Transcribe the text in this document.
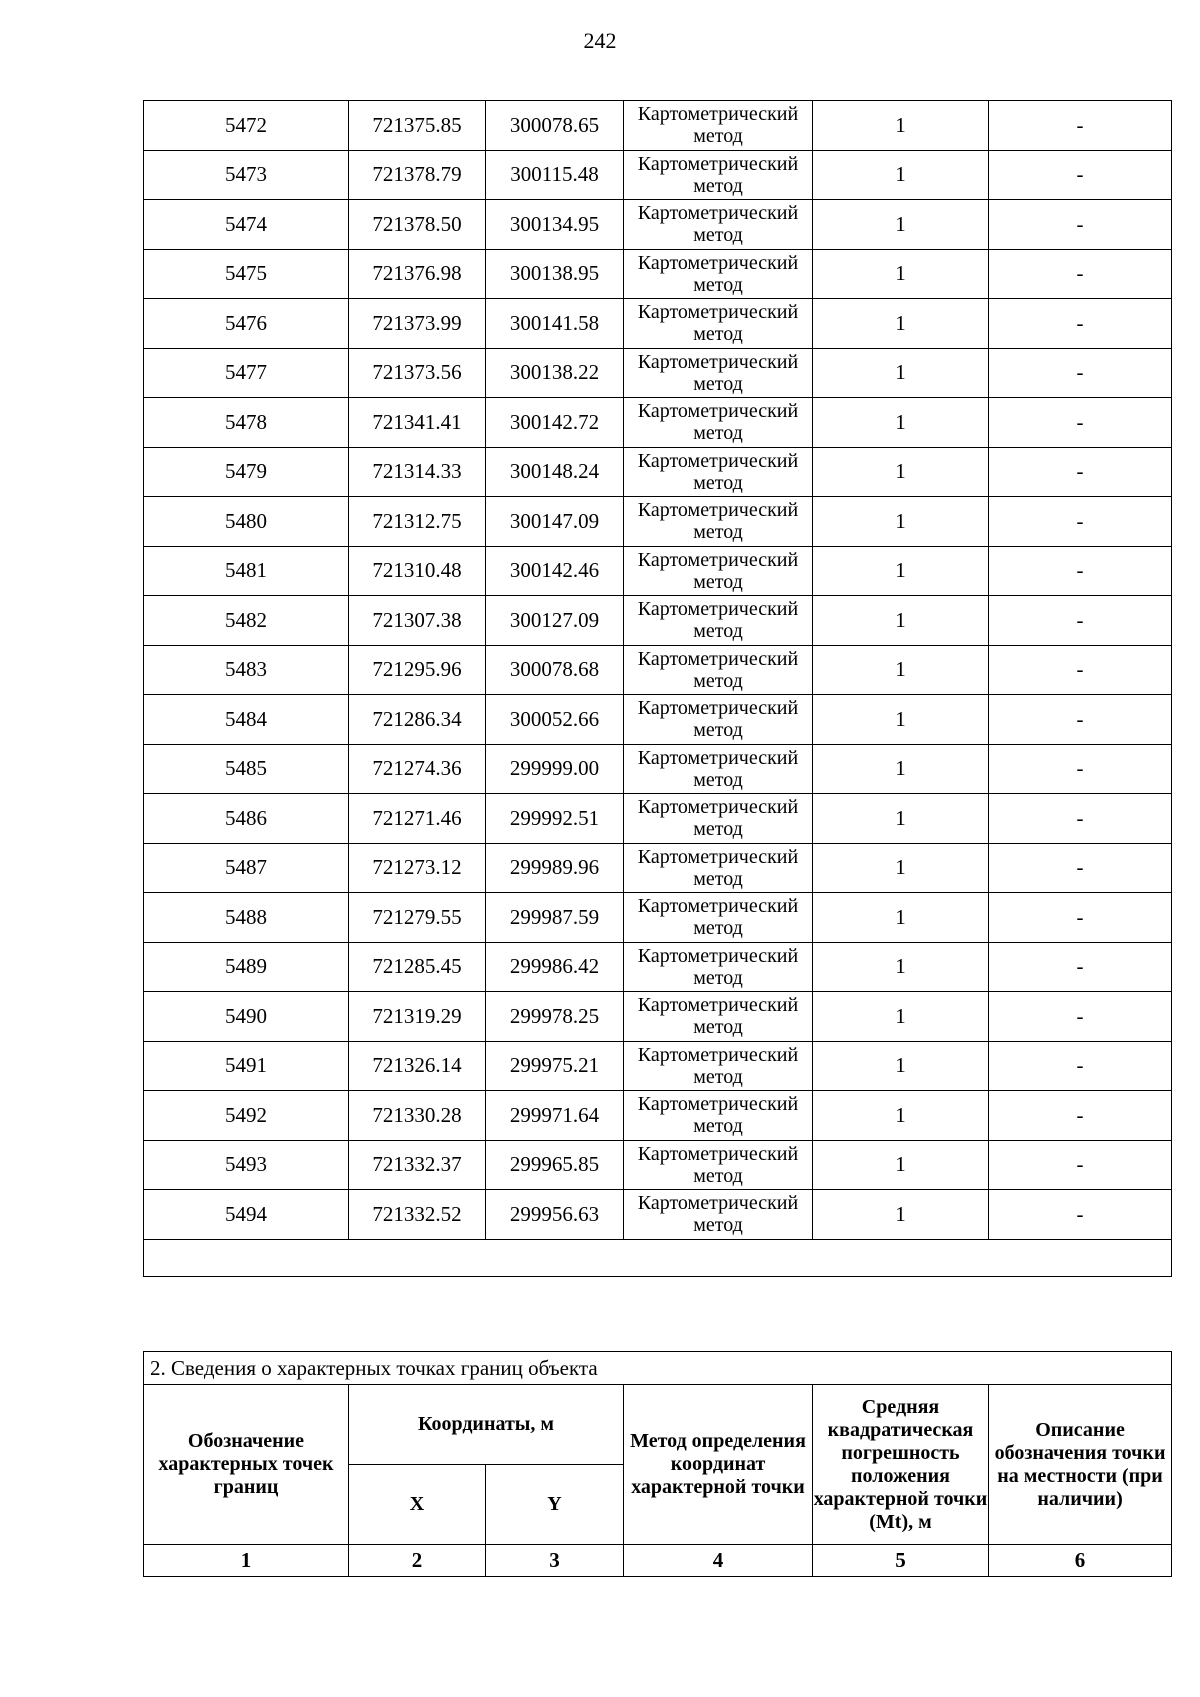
242
5472	721375.85	300078.65	Картометрический метод	1	-
5473	721378.79	300115.48	Картометрический метод	1	-
5474	721378.50	300134.95	Картометрический метод	1	-
5475	721376.98	300138.95	Картометрический метод	1	-
5476	721373.99	300141.58	Картометрический метод	1	-
5477	721373.56	300138.22	Картометрический метод	1	-
5478	721341.41	300142.72	Картометрический метод	1	-
5479	721314.33	300148.24	Картометрический метод	1	-
5480	721312.75	300147.09	Картометрический метод	1	-
5481	721310.48	300142.46	Картометрический метод	1	-
5482	721307.38	300127.09	Картометрический метод	1	-
5483	721295.96	300078.68	Картометрический метод	1	-
5484	721286.34	300052.66	Картометрический метод	1	-
5485	721274.36	299999.00	Картометрический метод	1	-
5486	721271.46	299992.51	Картометрический метод	1	-
5487	721273.12	299989.96	Картометрический метод	1	-
5488	721279.55	299987.59	Картометрический метод	1	-
5489	721285.45	299986.42	Картометрический метод	1	-
5490	721319.29	299978.25	Картометрический метод	1	-
5491	721326.14	299975.21	Картометрический метод	1	-
5492	721330.28	299971.64	Картометрический метод	1	-
5493	721332.37	299965.85	Картометрический метод	1	-
5494	721332.52	299956.63	Картометрический метод	1	-

2. Сведения о характерных точках границ объекта					
Обозначение характерных точек границ	Координаты, м		Метод определения координат характерной точки	Средняя квадратическая погрешность положения характерной точки (Mt), м	Описание обозначения точки на местности (при наличии)
	X	Y			
1	2	3	4	5	6
